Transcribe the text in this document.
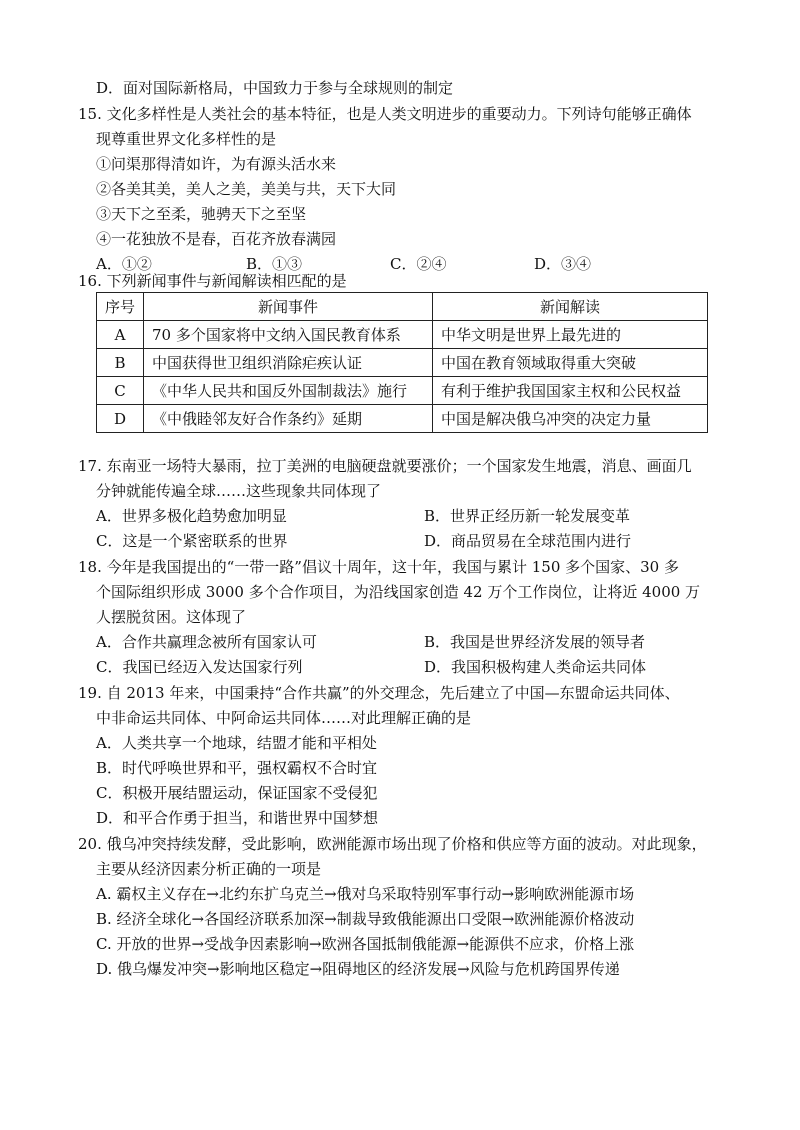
D．面对国际新格局，中国致力于参与全球规则的制定
15. 文化多样性是人类社会的基本特征，也是人类文明进步的重要动力。下列诗句能够正确体
现尊重世界文化多样性的是
①问渠那得清如许，为有源头活水来
②各美其美，美人之美，美美与共，天下大同
③天下之至柔，驰骋天下之至坚
④一花独放不是春，百花齐放春满园
A．①②	B．①③	C．②④	D．③④
16. 下列新闻事件与新闻解读相匹配的是
序号	新闻事件	新闻解读
A	70 多个国家将中文纳入国民教育体系	中华文明是世界上最先进的
B	中国获得世卫组织消除疟疾认证	中国在教育领域取得重大突破
C	《中华人民共和国反外国制裁法》施行	有利于维护我国国家主权和公民权益
D	《中俄睦邻友好合作条约》延期	中国是解决俄乌冲突的决定力量
17. 东南亚一场特大暴雨，拉丁美洲的电脑硬盘就要涨价；一个国家发生地震，消息、画面几
分钟就能传遍全球……这些现象共同体现了
A．世界多极化趋势愈加明显	B．世界正经历新一轮发展变革
C．这是一个紧密联系的世界	D．商品贸易在全球范围内进行
18. 今年是我国提出的“一带一路”倡议十周年，这十年，我国与累计 150 多个国家、30 多
个国际组织形成 3000 多个合作项目，为沿线国家创造 42 万个工作岗位，让将近 4000 万
人摆脱贫困。这体现了
A．合作共赢理念被所有国家认可	B．我国是世界经济发展的领导者
C．我国已经迈入发达国家行列	D．我国积极构建人类命运共同体
19. 自 2013 年来，中国秉持“合作共赢”的外交理念，先后建立了中国—东盟命运共同体、
中非命运共同体、中阿命运共同体……对此理解正确的是
A．人类共享一个地球，结盟才能和平相处
B．时代呼唤世界和平，强权霸权不合时宜
C．积极开展结盟运动，保证国家不受侵犯
D．和平合作勇于担当，和谐世界中国梦想
20. 俄乌冲突持续发酵，受此影响，欧洲能源市场出现了价格和供应等方面的波动。对此现象，
主要从经济因素分析正确的一项是
A. 霸权主义存在→北约东扩乌克兰→俄对乌采取特别军事行动→影响欧洲能源市场
B. 经济全球化→各国经济联系加深→制裁导致俄能源出口受限→欧洲能源价格波动
C. 开放的世界→受战争因素影响→欧洲各国抵制俄能源→能源供不应求，价格上涨
D. 俄乌爆发冲突→影响地区稳定→阻碍地区的经济发展→风险与危机跨国界传递
